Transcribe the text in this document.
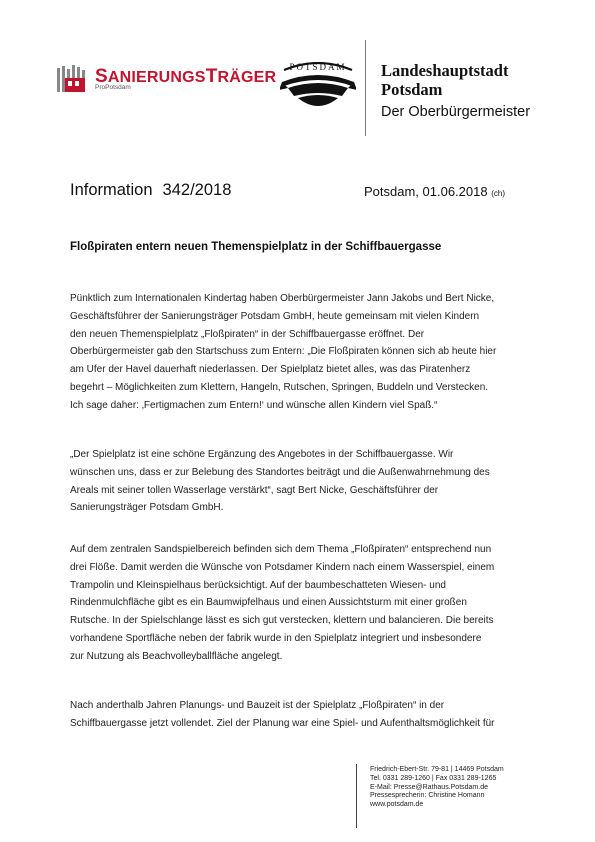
SANIERUNGSTRÄGER
ProPotsdam
POTSDAM	Landeshauptstadt
Potsdam
Der Oberbürgermeister
Information 342/2018	Potsdam, 01.06.2018 (ch)
Floßpiraten entern neuen Themenspielplatz in der Schiffbauergasse
Pünktlich zum Internationalen Kindertag haben Oberbürgermeister Jann Jakobs und Bert Nicke,
Geschäftsführer der Sanierungsträger Potsdam GmbH, heute gemeinsam mit vielen Kindern
den neuen Themenspielplatz „Floßpiraten“ in der Schiffbauergasse eröffnet. Der
Oberbürgermeister gab den Startschuss zum Entern: „Die Floßpiraten können sich ab heute hier
am Ufer der Havel dauerhaft niederlassen. Der Spielplatz bietet alles, was das Piratenherz
begehrt – Möglichkeiten zum Klettern, Hangeln, Rutschen, Springen, Buddeln und Verstecken.
Ich sage daher: ‚Fertigmachen zum Entern!‘ und wünsche allen Kindern viel Spaß.“
„Der Spielplatz ist eine schöne Ergänzung des Angebotes in der Schiffbauergasse. Wir
wünschen uns, dass er zur Belebung des Standortes beiträgt und die Außenwahrnehmung des
Areals mit seiner tollen Wasserlage verstärkt“, sagt Bert Nicke, Geschäftsführer der
Sanierungsträger Potsdam GmbH.
Auf dem zentralen Sandspielbereich befinden sich dem Thema „Floßpiraten“ entsprechend nun
drei Flöße. Damit werden die Wünsche von Potsdamer Kindern nach einem Wasserspiel, einem
Trampolin und Kleinspielhaus berücksichtigt. Auf der baumbeschatteten Wiesen- und
Rindenmulchfläche gibt es ein Baumwipfelhaus und einen Aussichtsturm mit einer großen
Rutsche. In der Spielschlange lässt es sich gut verstecken, klettern und balancieren. Die bereits
vorhandene Sportfläche neben der fabrik wurde in den Spielplatz integriert und insbesondere
zur Nutzung als Beachvolleyballfläche angelegt.
Nach anderthalb Jahren Planungs- und Bauzeit ist der Spielplatz „Floßpiraten“ in der
Schiffbauergasse jetzt vollendet. Ziel der Planung war eine Spiel- und Aufenthaltsmöglichkeit für
Friedrich-Ebert-Str. 79-81 | 14469 Potsdam
Tel. 0331 289-1260 | Fax 0331 289-1265
E-Mail: Presse@Rathaus.Potsdam.de
Pressesprecherin: Christine Homann
www.potsdam.de
